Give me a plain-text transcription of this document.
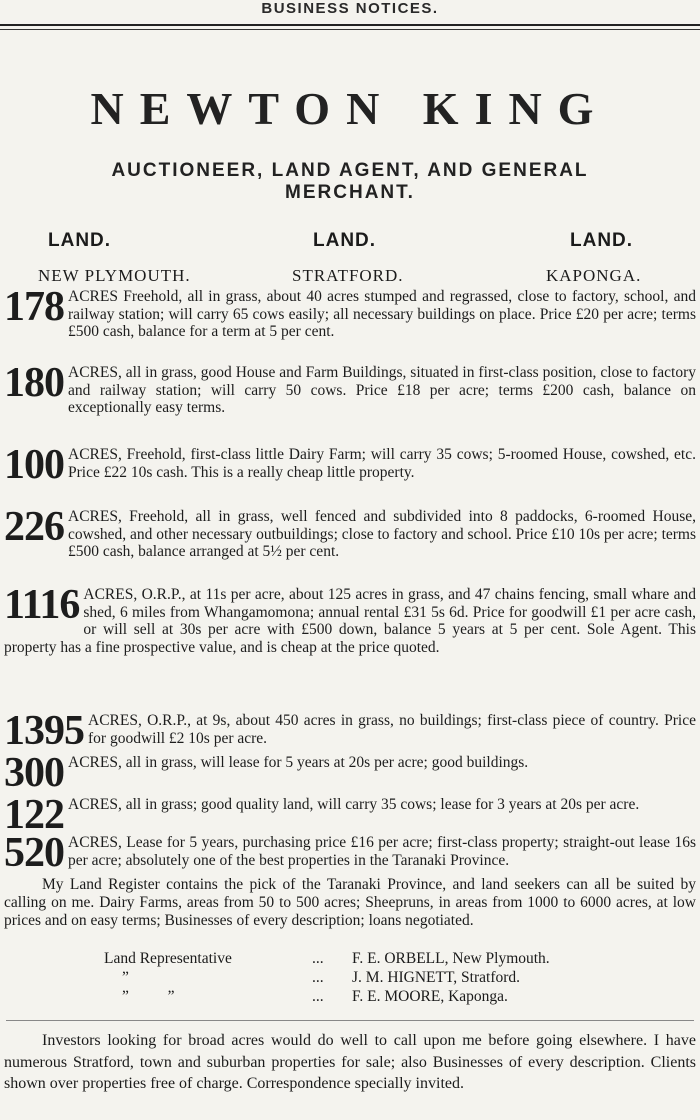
BUSINESS NOTICES.
NEWTON KING
AUCTIONEER, LAND AGENT, AND GENERAL
MERCHANT.
LAND.	LAND.	LAND.
NEW PLYMOUTH.	STRATFORD.	KAPONGA.
178 ACRES Freehold, all in grass, about 40 acres stumped and regrassed, close to factory, school, and railway station; will carry 65 cows easily; all necessary buildings on place. Price £20 per acre; terms £500 cash, balance for a term at 5 per cent.
180 ACRES, all in grass, good House and Farm Buildings, situated in first-class position, close to factory and railway station; will carry 50 cows. Price £18 per acre; terms £200 cash, balance on exceptionally easy terms.
100 ACRES, Freehold, first-class little Dairy Farm; will carry 35 cows; 5-roomed House, cowshed, etc. Price £22 10s cash. This is a really cheap little property.
226 ACRES, Freehold, all in grass, well fenced and subdivided into 8 paddocks, 6-roomed House, cowshed, and other necessary outbuildings; close to factory and school. Price £10 10s per acre; terms £500 cash, balance arranged at 5½ per cent.
1116 ACRES, O.R.P., at 11s per acre, about 125 acres in grass, and 47 chains fencing, small whare and shed, 6 miles from Whangamomona; annual rental £31 5s 6d. Price for goodwill £1 per acre cash, or will sell at 30s per acre with £500 down, balance 5 years at 5 per cent. Sole Agent. This property has a fine prospective value, and is cheap at the price quoted.
1395 ACRES, O.R.P., at 9s, about 450 acres in grass, no buildings; first-class piece of country. Price for goodwill £2 10s per acre.
300 ACRES, all in grass, will lease for 5 years at 20s per acre; good buildings.
122 ACRES, all in grass; good quality land, will carry 35 cows; lease for 3 years at 20s per acre.
520 ACRES, Lease for 5 years, purchasing price £16 per acre; first-class property; straight-out lease 16s per acre; absolutely one of the best properties in the Taranaki Province.
My Land Register contains the pick of the Taranaki Province, and land seekers can all be suited by calling on me. Dairy Farms, areas from 50 to 500 acres; Sheepruns, in areas from 1000 to 6000 acres, at low prices and on easy terms; Businesses of every description; loans negotiated.
Land Representative	... F. E. ORBELL, New Plymouth.
”	... J. M. HIGNETT, Stratford.
”          ”	... F. E. MOORE, Kaponga.
Investors looking for broad acres would do well to call upon me before going elsewhere. I have numerous Stratford, town and suburban properties for sale; also Businesses of every description. Clients shown over properties free of charge. Correspondence specially invited.
